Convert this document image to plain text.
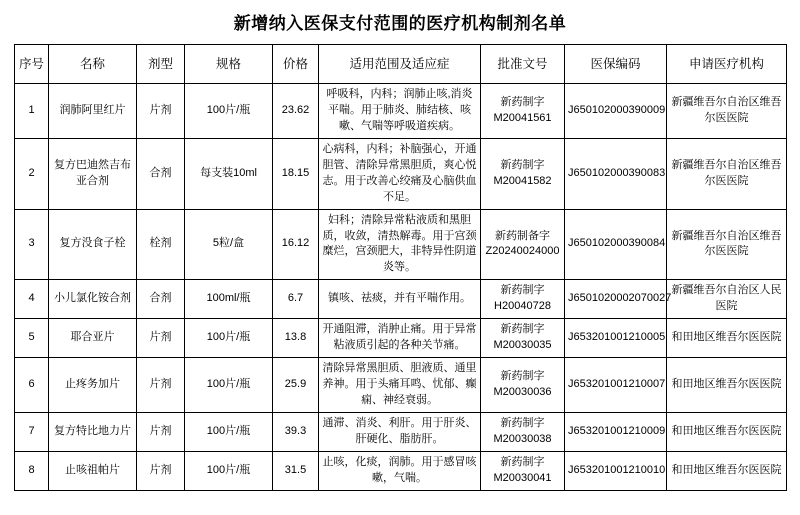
新增纳入医保支付范围的医疗机构制剂名单
序号	名称	剂型	规格	价格	适用范围及适应症	批准文号	医保编码	申请医疗机构
1	润肺阿里红片	片剂	100片/瓶	23.62	呼吸科，内科；润肺止咳,消炎平喘。用于肺炎、肺结核、咳嗽、气喘等呼吸道疾病。	新药制字M20041561	J650102000390009	新疆维吾尔自治区维吾尔医医院
2	复方巴迪然吉布亚合剂	合剂	每支装10ml	18.15	心病科，内科；补脑强心，开通胆管、清除异常黑胆质，爽心悦志。用于改善心绞痛及心脑供血不足。	新药制字M20041582	J650102000390083	新疆维吾尔自治区维吾尔医医院
3	复方没食子栓	栓剂	5粒/盒	16.12	妇科；清除异常粘液质和黑胆质，收敛，清热解毒。用于宫颈糜烂，宫颈肥大，非特异性阴道炎等。	新药制备字Z20240024000	J650102000390084	新疆维吾尔自治区维吾尔医医院
4	小儿氯化铵合剂	合剂	100ml/瓶	6.7	镇咳、祛痰，并有平喘作用。	新药制字H20040728	J6501020002070027	新疆维吾尔自治区人民医院
5	耶合亚片	片剂	100片/瓶	13.8	开通阻滞，消肿止痛。用于异常粘液质引起的各种关节痛。	新药制字M20030035	J653201001210005	和田地区维吾尔医医院
6	止疼务加片	片剂	100片/瓶	25.9	清除异常黑胆质、胆液质、通里养神。用于头痛耳鸣、忧郁、癫痫、神经衰弱。	新药制字M20030036	J653201001210007	和田地区维吾尔医医院
7	复方特比地力片	片剂	100片/瓶	39.3	通滞、消炎、利肝。用于肝炎、肝硬化、脂肪肝。	新药制字M20030038	J653201001210009	和田地区维吾尔医医院
8	止咳祖帕片	片剂	100片/瓶	31.5	止咳，化痰，润肺。用于感冒咳嗽，气喘。	新药制字M20030041	J653201001210010	和田地区维吾尔医医院
